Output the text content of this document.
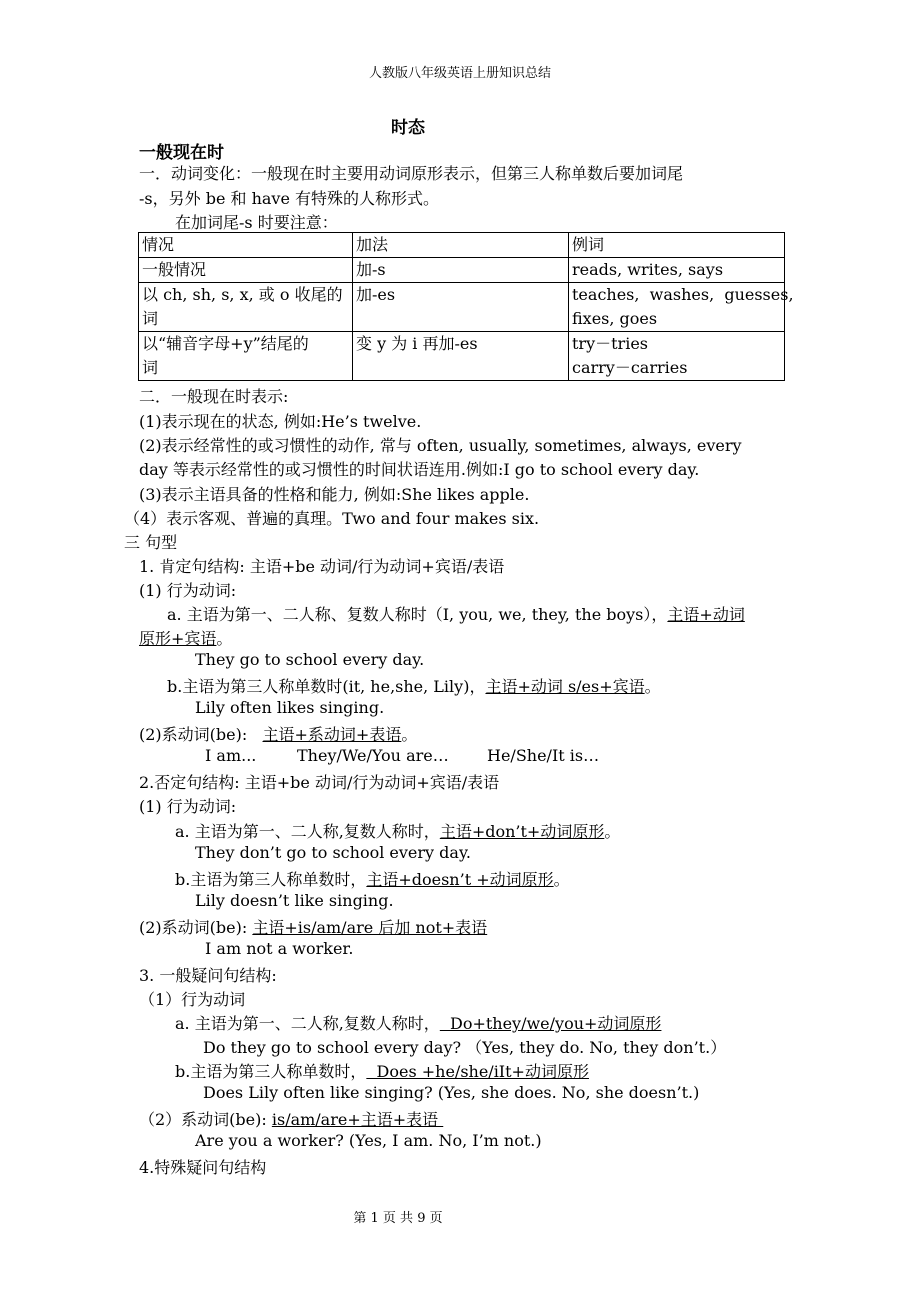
人教版八年级英语上册知识总结
时态
一般现在时
一．动词变化：一般现在时主要用动词原形表示，但第三人称单数后要加词尾
-s，另外 be 和 have 有特殊的人称形式。
在加词尾-s 时要注意：
情况	加法	例词
一般情况	加-s	reads, writes, says
以 ch, sh, s, x, 或 o 收尾的
词	加-es	teaches,  washes,  guesses,
fixes, goes
以“辅音字母+y”结尾的
词	变 y 为 i 再加-es	try－tries
carry－carries
二．一般现在时表示:
(1)表示现在的状态, 例如:He’s twelve.
(2)表示经常性的或习惯性的动作, 常与 often, usually, sometimes, always, every
day 等表示经常性的或习惯性的时间状语连用.例如:I go to school every day.
(3)表示主语具备的性格和能力, 例如:She likes apple.
（4）表示客观、普遍的真理。Two and four makes six.
三 句型
1. 肯定句结构: 主语+be 动词/行为动词+宾语/表语
(1) 行为动词:
a. 主语为第一、二人称、复数人称时（I, you, we, they, the boys），主语+动词
原形+宾语。
They go to school every day.
b.主语为第三人称单数时(it, he,she, Lily)，主语+动词 s/es+宾语。
Lily often likes singing.
(2)系动词(be):   主语+系动词+表语。
I am...	They/We/You are… He/She/It is…
2.否定句结构: 主语+be 动词/行为动词+宾语/表语
(1) 行为动词:
a. 主语为第一、二人称,复数人称时，主语+don’t+动词原形。
They don’t go to school every day.
b.主语为第三人称单数时，主语+doesn’t +动词原形。
Lily doesn’t like singing.
(2)系动词(be): 主语+is/am/are 后加 not+表语
I am not a worker.
3. 一般疑问句结构:
（1）行为动词
a. 主语为第一、二人称,复数人称时，  Do+they/we/you+动词原形
Do they go to school every day? （Yes, they do. No, they don’t.）
b.主语为第三人称单数时，  Does +he/she/iIt+动词原形
Does Lily often like singing? (Yes, she does. No, she doesn’t.)
（2）系动词(be): is/am/are+主语+表语
Are you a worker? (Yes, I am. No, I’m not.)
4.特殊疑问句结构
第 1 页 共 9 页
